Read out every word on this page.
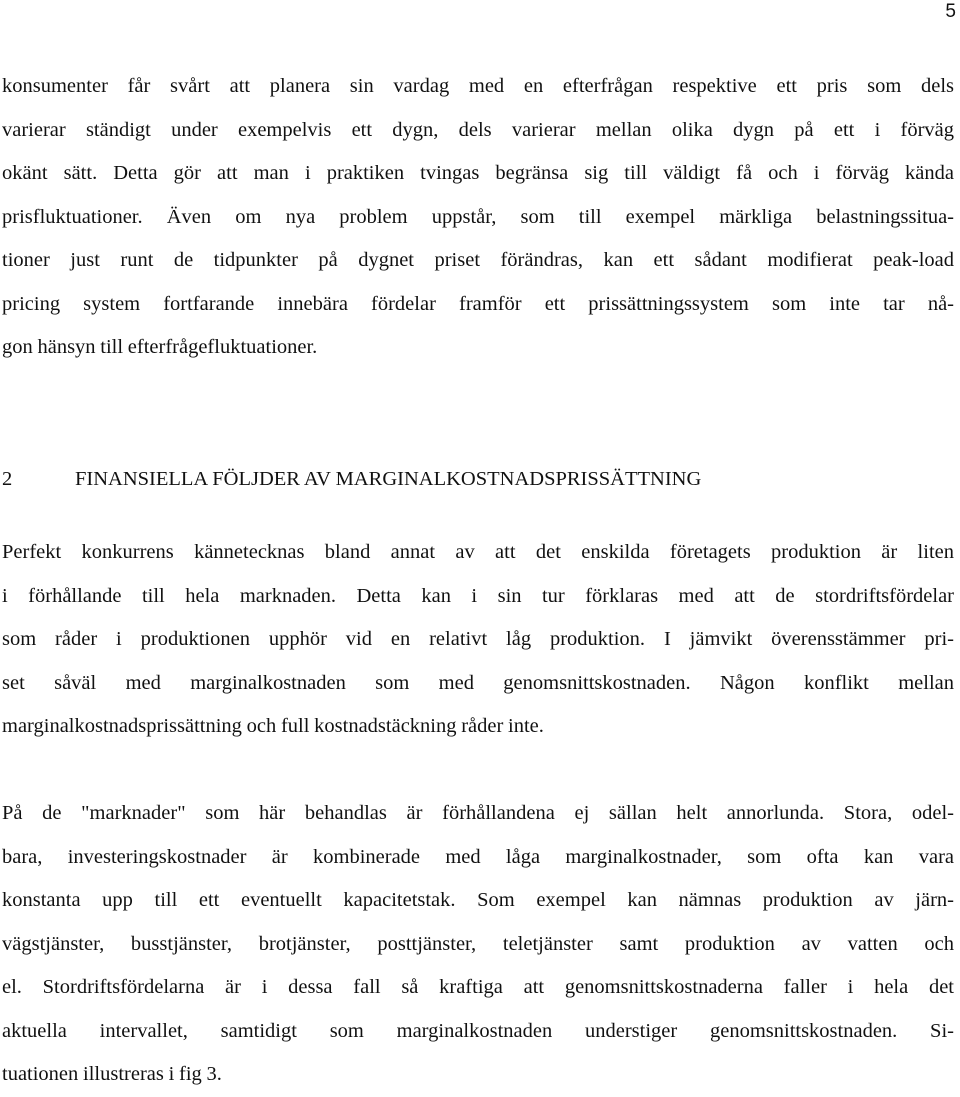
5

konsumenter får svårt att planera sin vardag med en efterfrågan respektive ett pris som dels
varierar ständigt under exempelvis ett dygn, dels varierar mellan olika dygn på ett i förväg
okänt sätt. Detta gör att man i praktiken tvingas begränsa sig till väldigt få och i förväg kända
prisfluktuationer. Även om nya problem uppstår, som till exempel märkliga belastningssitua-
tioner just runt de tidpunkter på dygnet priset förändras, kan ett sådant modifierat peak-load
pricing system fortfarande innebära fördelar framför ett prissättningssystem som inte tar nå-
gon hänsyn till efterfrågefluktuationer.

2	FINANSIELLA FÖLJDER AV MARGINALKOSTNADSPRISSÄTTNING

Perfekt konkurrens kännetecknas bland annat av att det enskilda företagets produktion är liten
i förhållande till hela marknaden. Detta kan i sin tur förklaras med att de stordriftsfördelar
som råder i produktionen upphör vid en relativt låg produktion. I jämvikt överensstämmer pri-
set såväl med marginalkostnaden som med genomsnittskostnaden. Någon konflikt mellan
marginalkostnadsprissättning och full kostnadstäckning råder inte.

På de "marknader" som här behandlas är förhållandena ej sällan helt annorlunda. Stora, odel-
bara, investeringskostnader är kombinerade med låga marginalkostnader, som ofta kan vara
konstanta upp till ett eventuellt kapacitetstak. Som exempel kan nämnas produktion av järn-
vägstjänster, busstjänster, brotjänster, posttjänster, teletjänster samt produktion av vatten och
el. Stordriftsfördelarna är i dessa fall så kraftiga att genomsnittskostnaderna faller i hela det
aktuella intervallet, samtidigt som marginalkostnaden understiger genomsnittskostnaden. Si-
tuationen illustreras i fig 3.
